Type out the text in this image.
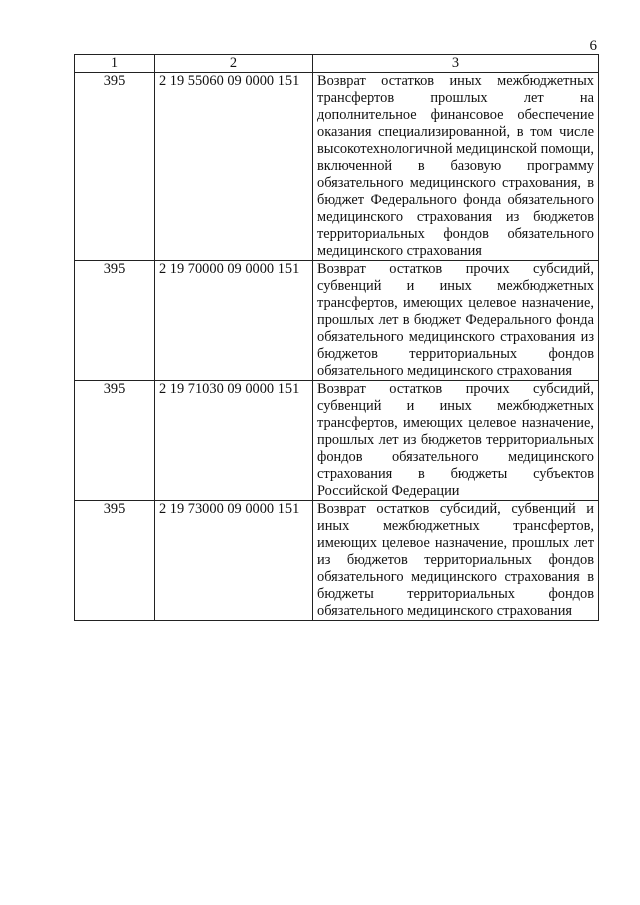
6
1	2	3
395	2 19 55060 09 0000 151	Возврат остатков иных межбюджетных трансфертов прошлых лет на дополнительное финансовое обеспечение оказания специализированной, в том числе высокотехнологичной медицинской помощи, включенной в базовую программу обязательного медицинского страхования, в бюджет Федерального фонда обязательного медицинского страхования из бюджетов территориальных фондов обязательного медицинского страхования
395	2 19 70000 09 0000 151	Возврат остатков прочих субсидий, субвенций и иных межбюджетных трансфертов, имеющих целевое назначение, прошлых лет в бюджет Федерального фонда обязательного медицинского страхования из бюджетов территориальных фондов обязательного медицинского страхования
395	2 19 71030 09 0000 151	Возврат остатков прочих субсидий, субвенций и иных межбюджетных трансфертов, имеющих целевое назначение, прошлых лет из бюджетов территориальных фондов обязательного медицинского страхования в бюджеты субъектов Российской Федерации
395	2 19 73000 09 0000 151	Возврат остатков субсидий, субвенций и иных межбюджетных трансфертов, имеющих целевое назначение, прошлых лет из бюджетов территориальных фондов обязательного медицинского страхования в бюджеты территориальных фондов обязательного медицинского страхования
